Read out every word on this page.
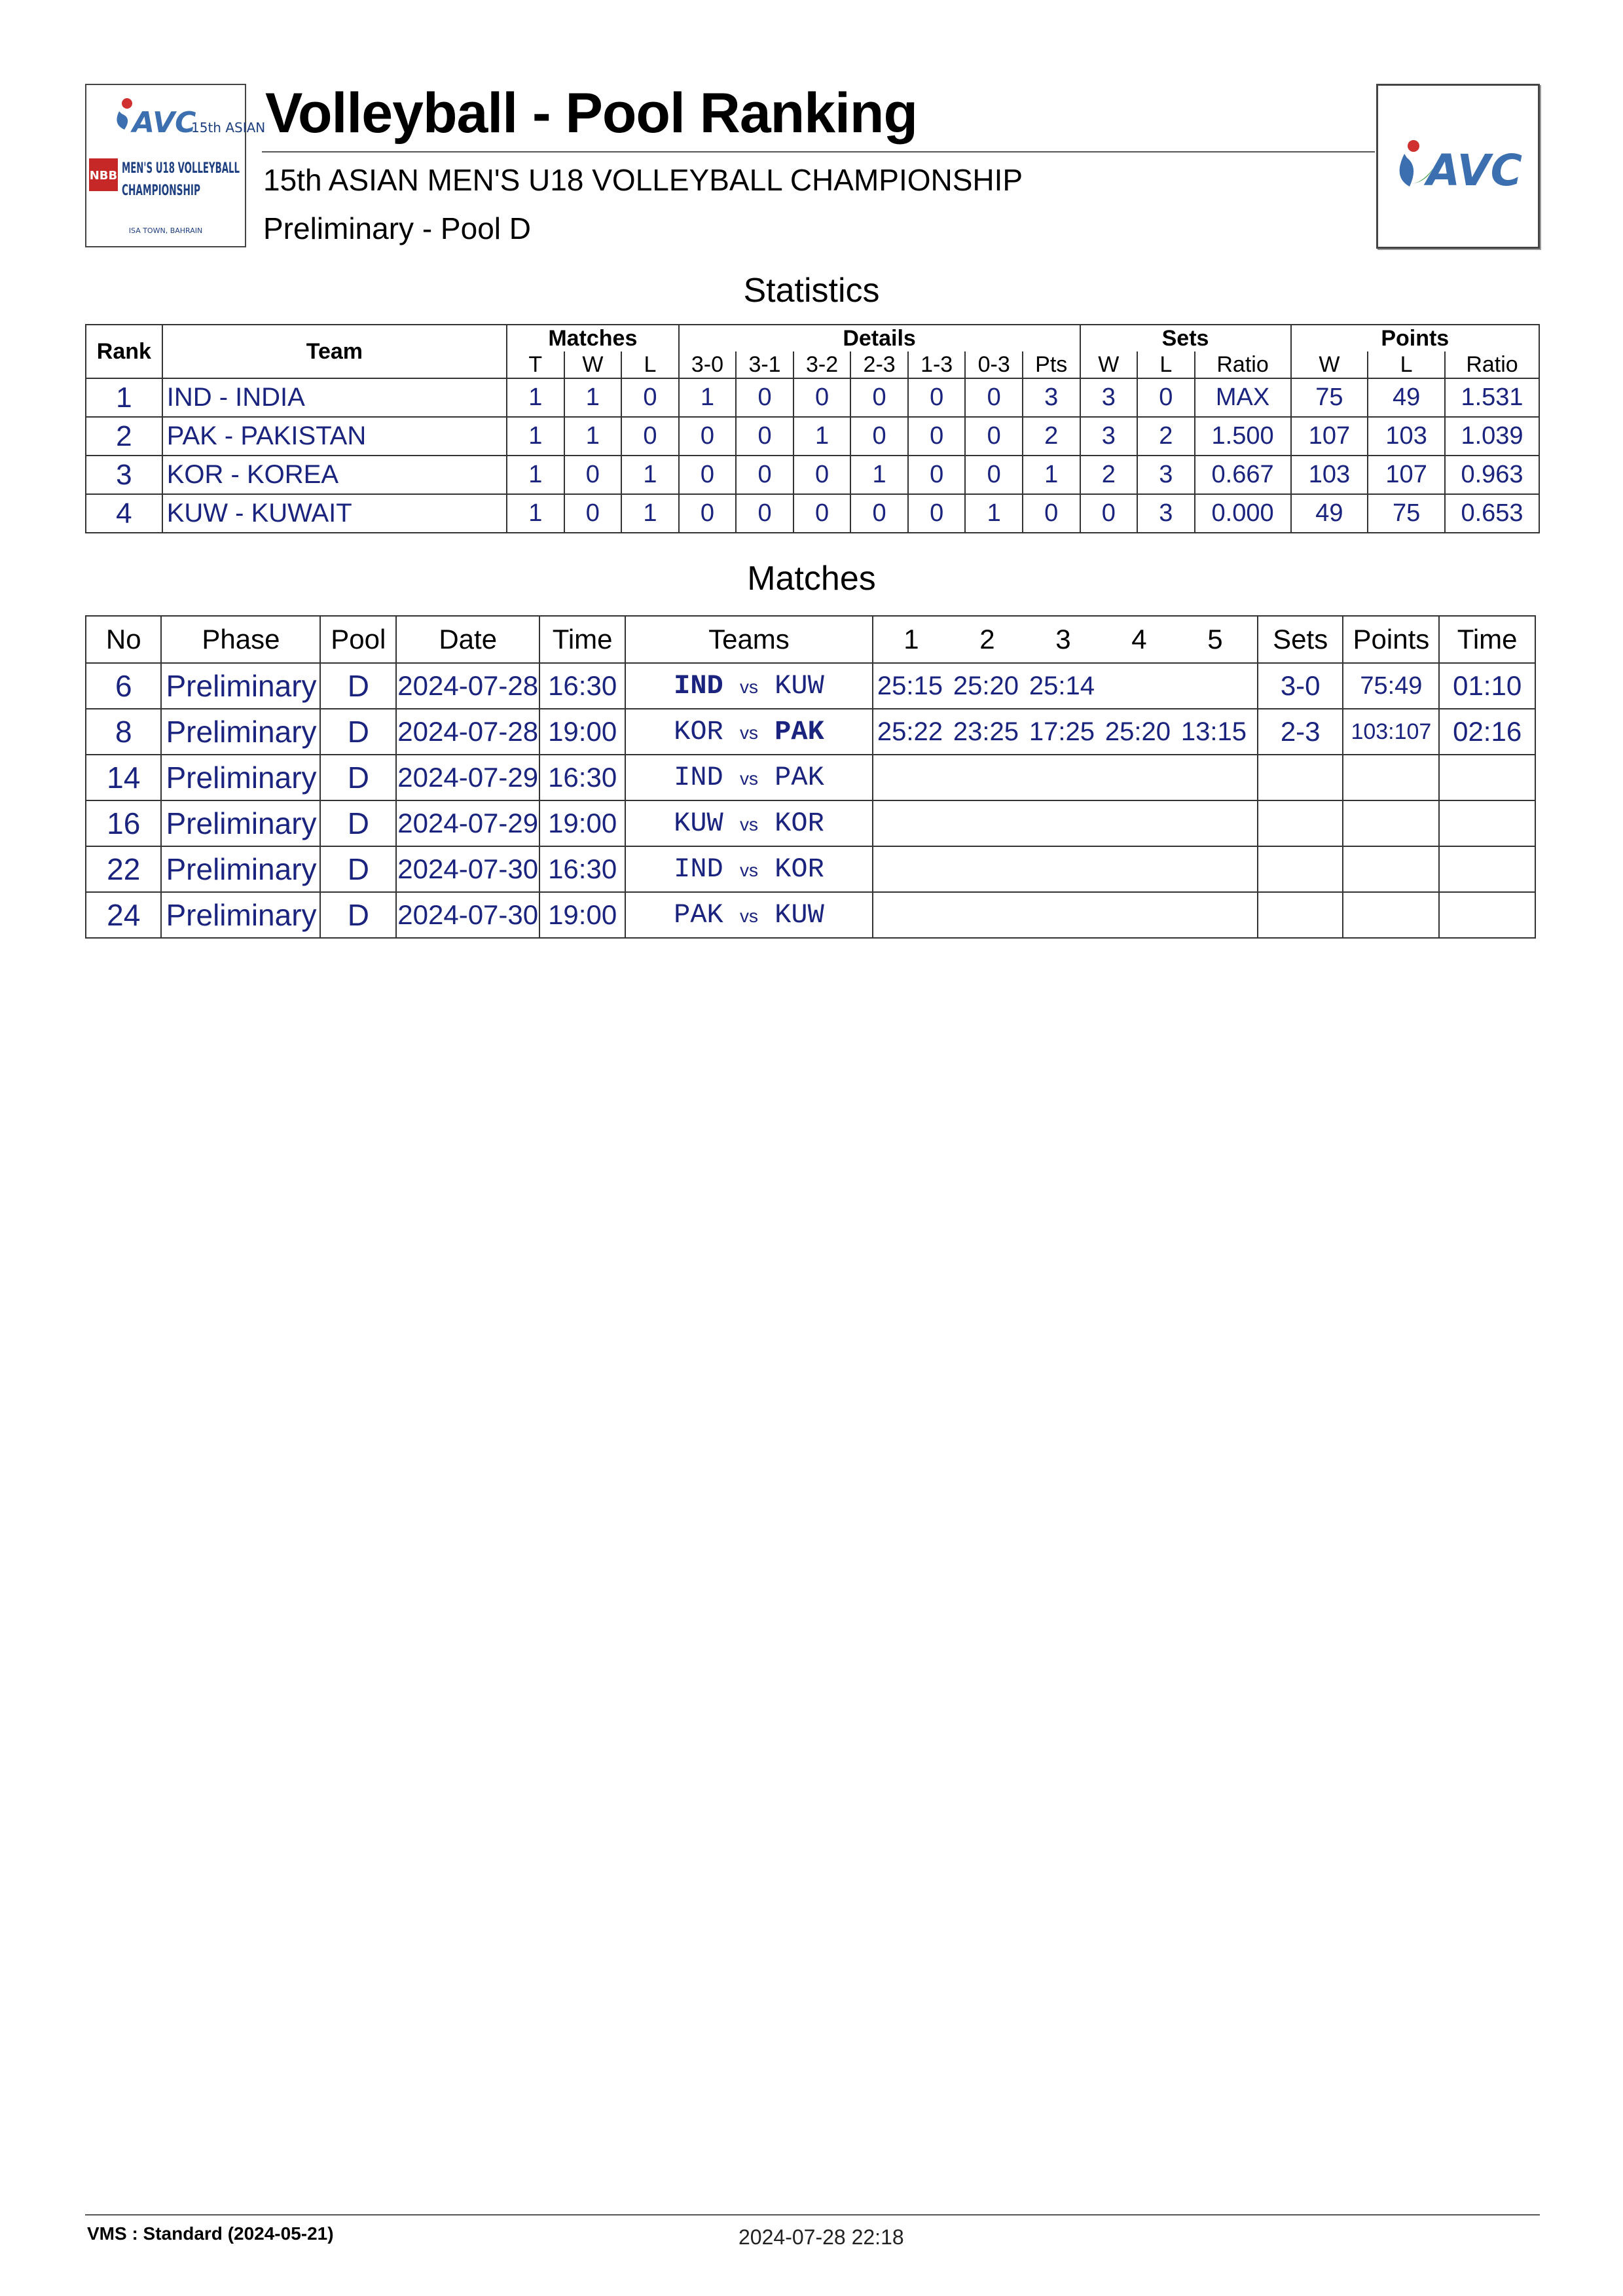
AVC
15th ASIAN
NBB MEN'S U18 VOLLEYBALL
CHAMPIONSHIP
ISA TOWN, BAHRAIN
Volleyball - Pool Ranking
15th ASIAN MEN'S U18 VOLLEYBALL CHAMPIONSHIP
Preliminary - Pool D
AVC
Statistics
Rank	Team	Matches			Details							Sets			Points		
		T	W	L	3-0	3-1	3-2	2-3	1-3	0-3	Pts	W	L	Ratio	W	L	Ratio
1	IND - INDIA	1	1	0	1	0	0	0	0	0	3	3	0	MAX	75	49	1.531
2	PAK - PAKISTAN	1	1	0	0	0	1	0	0	0	2	3	2	1.500	107	103	1.039
3	KOR - KOREA	1	0	1	0	0	0	1	0	0	1	2	3	0.667	103	107	0.963
4	KUW - KUWAIT	1	0	1	0	0	0	0	0	1	0	0	3	0.000	49	75	0.653
Matches
No	Phase	Pool	Date	Time	Teams	1 2 3 4 5	Sets	Points	Time
6	Preliminary	D	2024-07-28	16:30	IND vs KUW	25:15 25:20 25:14	3-0	75:49	01:10
8	Preliminary	D	2024-07-28	19:00	KOR vs PAK	25:22 23:25 17:25 25:20 13:15	2-3	103:107	02:16
14	Preliminary	D	2024-07-29	16:30	IND vs PAK				
16	Preliminary	D	2024-07-29	19:00	KUW vs KOR				
22	Preliminary	D	2024-07-30	16:30	IND vs KOR				
24	Preliminary	D	2024-07-30	19:00	PAK vs KUW				
VMS : Standard (2024-05-21)	2024-07-28 22:18
